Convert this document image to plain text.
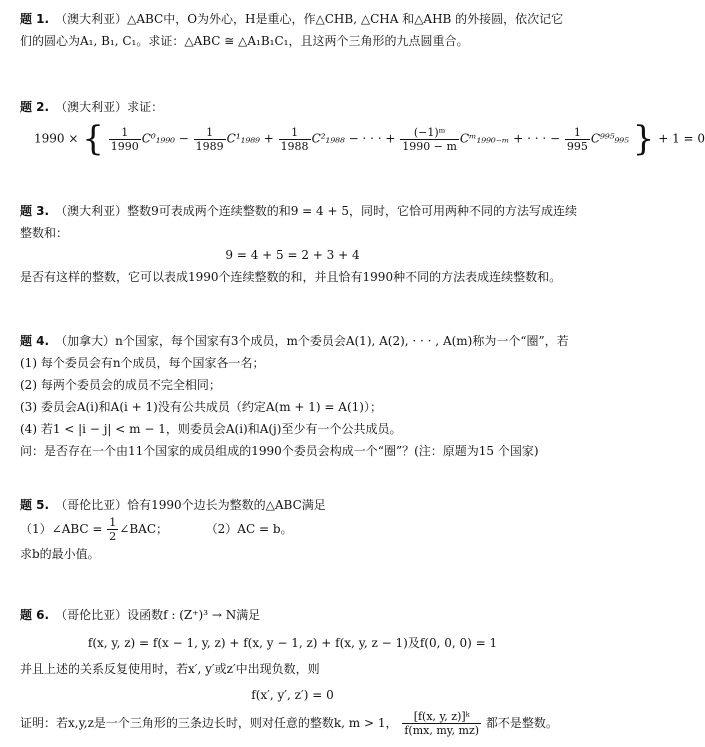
题 1. （澳大利亚）△ABC中，O为外心，H是重心，作△CHB, △CHA 和△AHB 的外接圆，依次记它
们的圆心为A₁, B₁, C₁。求证：△ABC ≅ △A₁B₁C₁，且这两个三角形的九点圆重合。
题 2. （澳大利亚）求证：
1990 × { $\frac{1}{1990} C^0_{1990} - \frac{1}{1989} C^1_{1989} + \frac{1}{1988} C^2_{1988}$ − · · · + $\frac{\text{(−1)ᵐ}}{1990 - m}$ Cᵐ₁₉₉₀₋ₘ + · · · − $\frac{1}{995} C^{995}_{995}$ } + 1 = 0
题 3. （澳大利亚）整数9可表成两个连续整数的和9 = 4 + 5，同时，它恰可用两种不同的方法写成连续
整数和：
9 = 4 + 5 = 2 + 3 + 4
是否有这样的整数，它可以表成1990个连续整数的和，并且恰有1990种不同的方法表成连续整数和。
题 4. （加拿大）n个国家，每个国家有3个成员，m个委员会A(1), A(2), · · · , A(m)称为一个“圈”，若
(1) 每个委员会有n个成员，每个国家各一名；
(2) 每两个委员会的成员不完全相同；
(3) 委员会A(i)和A(i + 1)没有公共成员（约定A(m + 1) = A(1)）；
(4) 若1 < |i − j| < m − 1，则委员会A(i)和A(j)至少有一个公共成员。
问：是否存在一个由11个国家的成员组成的1990个委员会构成一个“圈”？(注：原题为15 个国家)
题 5. （哥伦比亚）恰有1990个边长为整数的△ABC满足
（1）∠ABC = $\frac{1}{2}$ ∠BAC；	（2）AC = b。
求b的最小值。
题 6. （哥伦比亚）设函数f : (Z⁺)³ → N满足
f(x, y, z) = f(x − 1, y, z) + f(x, y − 1, z) + f(x, y, z − 1)及f(0, 0, 0) = 1
并且上述的关系反复使用时，若x′, y′或z′中出现负数，则
f(x′, y′, z′) = 0
证明：若x,y,z是一个三角形的三条边长时，则对任意的整数k, m > 1， $\frac{\text{[f(x, y, z)]ᵏ}}{f(mx, my, mz)}$ 都不是整数。
